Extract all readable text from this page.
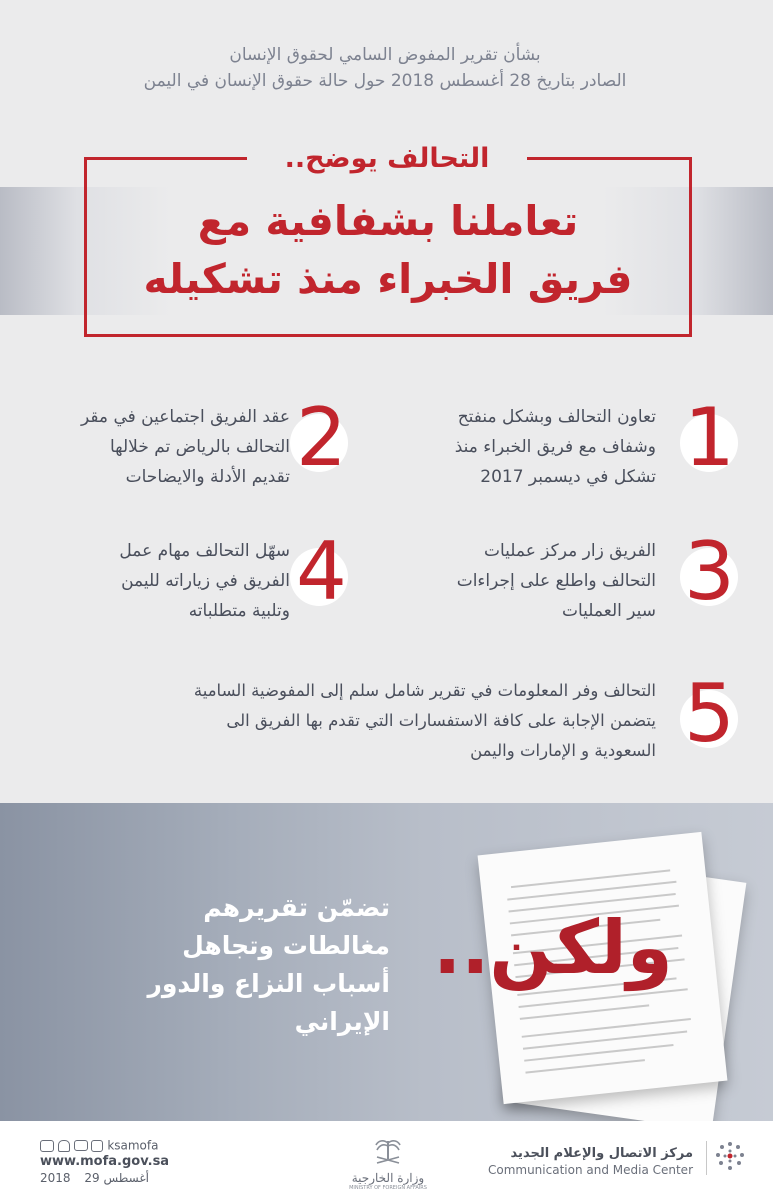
بشأن تقرير المفوض السامي لحقوق الإنسان
الصادر بتاريخ 28 أغسطس 2018 حول حالة حقوق الإنسان في اليمن
التحالف يوضح..
تعاملنا بشفافية مع
فريق الخبراء منذ تشكيله
1
تعاون التحالف وبشكل منفتح
وشفاف مع فريق الخبراء منذ
تشكل في ديسمبر 2017
2
عقد الفريق اجتماعين في مقر
التحالف بالرياض تم خلالها
تقديم الأدلة والايضاحات
3
الفريق زار مركز عمليات
التحالف واطلع على إجراءات
سير العمليات
4
سهّل التحالف مهام عمل
الفريق في زياراته لليمن
وتلبية متطلباته
5
التحالف وفر المعلومات في تقرير شامل سلم إلى المفوضية السامية
يتضمن الإجابة على كافة الاستفسارات التي تقدم بها الفريق الى
السعودية و الإمارات واليمن
تضمّن تقريرهم
مغالطات وتجاهل
أسباب النزاع والدور
الإيراني
ولكن..
ksamofa
www.mofa.gov.sa
2018 29 أغسطس	وزارة الخارجية
MINISTRY OF FOREIGN AFFAIRS
مركز الاتصال والإعلام الجديد
Communication and Media Center
